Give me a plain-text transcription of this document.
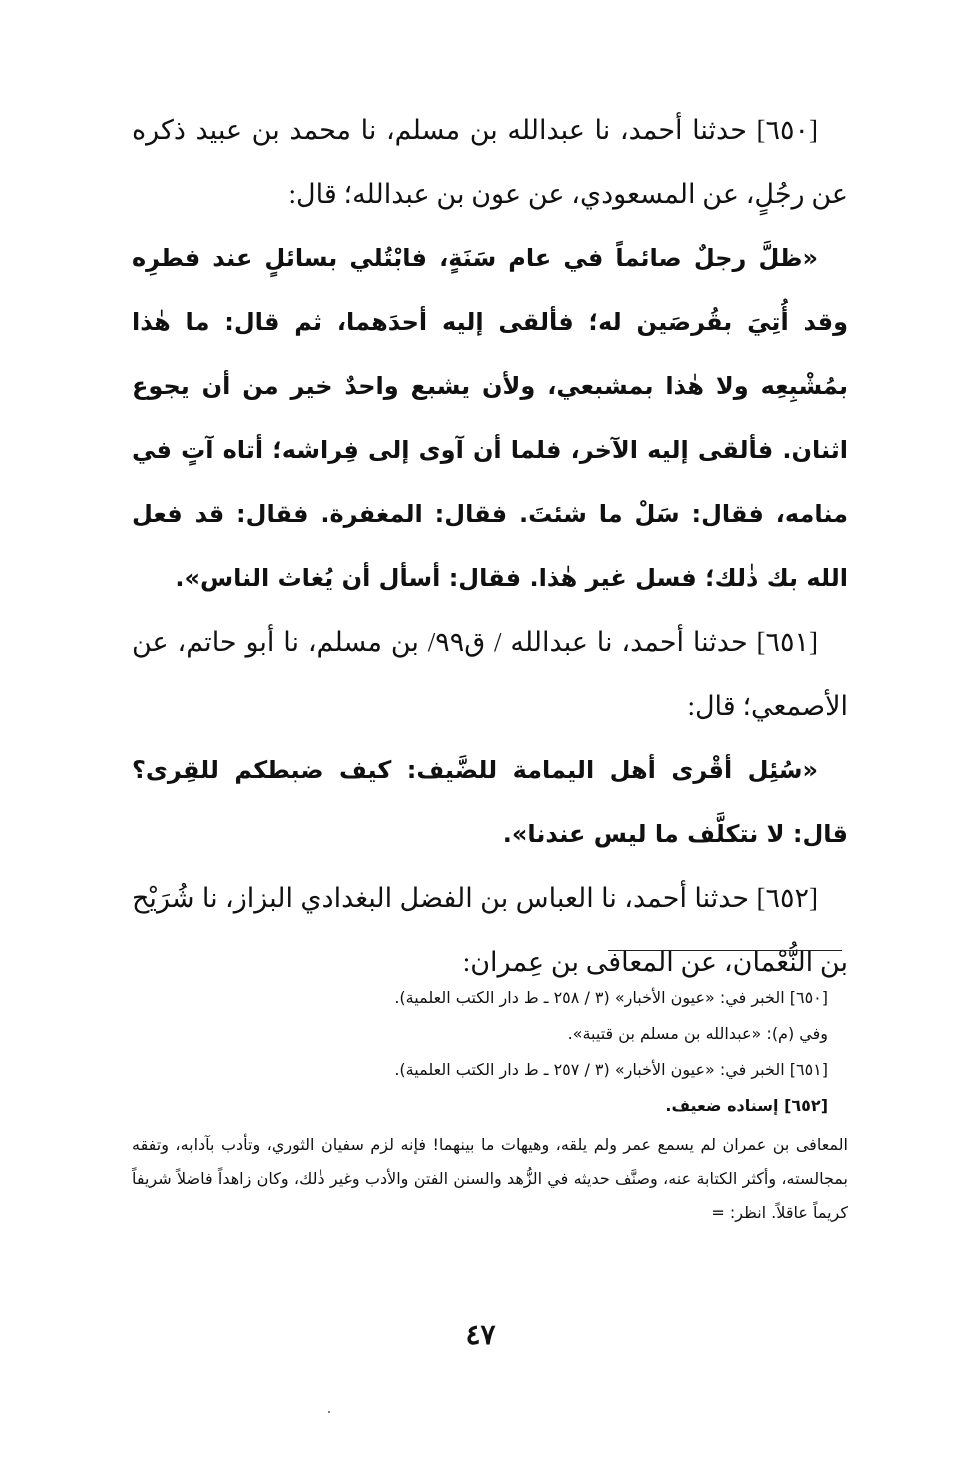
[٦٥٠] حدثنا أحمد، نا عبدالله بن مسلم، نا محمد بن عبيد ذكره عن رجُلٍ، عن المسعودي، عن عون بن عبدالله؛ قال:

«ظلَّ رجلٌ صائماً في عام سَنَةٍ، فابْتُلي بسائلٍ عند فطرِه وقد أُتِيَ بقُرصَين له؛ فألقى إليه أحدَهما، ثم قال: ما هٰذا بمُشْبِعِه ولا هٰذا بمشبعي، ولأن يشبع واحدٌ خير من أن يجوع اثنان. فألقى إليه الآخر، فلما أن آوى إلى فِراشه؛ أتاه آتٍ في منامه، فقال: سَلْ ما شئتَ. فقال: المغفرة. فقال: قد فعل الله بك ذٰلك؛ فسل غير هٰذا. فقال: أسأل أن يُغاث الناس».

[٦٥١] حدثنا أحمد، نا عبدالله / ق٩٩/ بن مسلم، نا أبو حاتم، عن الأصمعي؛ قال:

«سُئِل أقْرى أهل اليمامة للضَّيف: كيف ضبطكم للقِرى؟ قال: لا نتكلَّف ما ليس عندنا».

[٦٥٢] حدثنا أحمد، نا العباس بن الفضل البغدادي البزاز، نا شُرَيْح بن النُّعْمان، عن المعافى بن عِمران:

[٦٥٠] الخبر في: «عيون الأخبار» (٣ / ٢٥٨ ـ ط دار الكتب العلمية).

وفي (م): «عبدالله بن مسلم بن قتيبة».

[٦٥١] الخبر في: «عيون الأخبار» (٣ / ٢٥٧ ـ ط دار الكتب العلمية).

[٦٥٢] إسناده ضعيف.

المعافى بن عمران لم يسمع عمر ولم يلقه، وهيهات ما بينهما! فإنه لزم سفيان الثوري، وتأدب بآدابه، وتفقه بمجالسته، وأكثر الكتابة عنه، وصنَّف حديثه في الزُّهد والسنن الفتن والأدب وغير ذٰلك، وكان زاهداً فاضلاً شريفاً كريماً عاقلاً. انظر: =

٤٧
